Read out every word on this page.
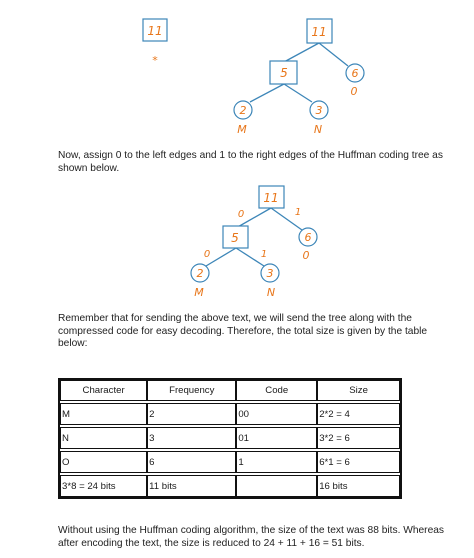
11
*
11
5	6
0
2
M
3
N
Now, assign 0 to the left edges and 1 to the right edges of the Huffman coding tree as shown below.
0	1
0	1
11
5	6
0
2
M
3
N
Remember that for sending the above text, we will send the tree along with the compressed code for easy decoding. Therefore, the total size is given by the table below:
Character	Frequency	Code	Size

M	2	00	2*2 = 4

N	3	01	3*2 = 6

O	6	1	6*1 = 6

3*8 = 24 bits	11 bits		16 bits
Without using the Huffman coding algorithm, the size of the text was 88 bits. Whereas after encoding the text, the size is reduced to 24 + 11 + 16 = 51 bits.
